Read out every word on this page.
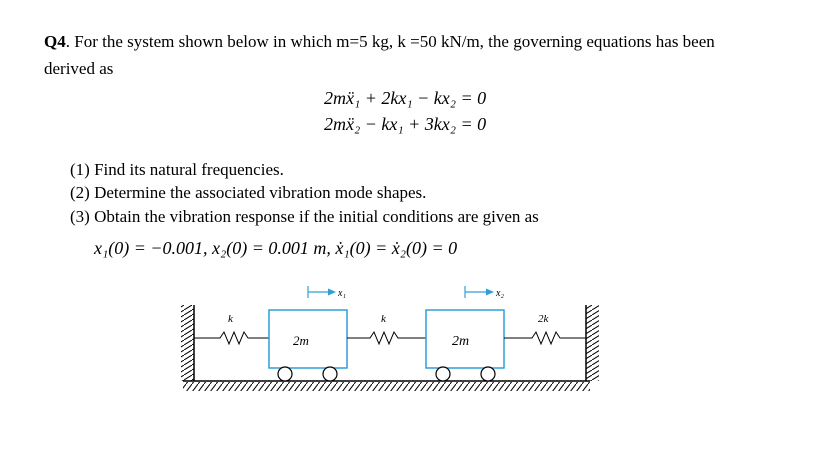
Q4. For the system shown below in which m=5 kg, k =50 kN/m, the governing equations has been
derived as
2mẍ₁ + 2kx₁ − kx₂ = 0
2mẍ₂ − kx₁ + 3kx₂ = 0
(1) Find its natural frequencies.
(2) Determine the associated vibration mode shapes.
(3) Obtain the vibration response if the initial conditions are given as
x₁(0) = −0.001, x₂(0) = 0.001 m, ẋ₁(0) = ẋ₂(0) = 0
k
2m
k
2m
2k
x₁	x₂
